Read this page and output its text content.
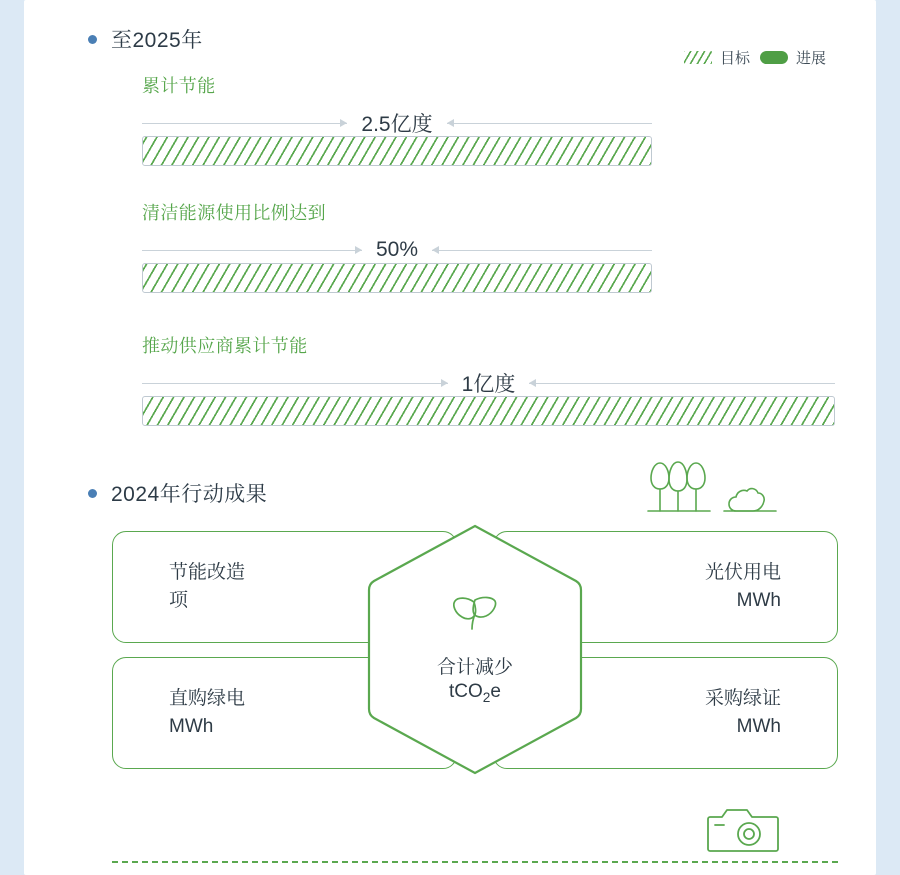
目标	进展
至2025年
累计节能
2.5亿度
清洁能源使用比例达到
50%
推动供应商累计节能
1亿度
2024年行动成果
节能改造
项
光伏用电
MWh
直购绿电
MWh
采购绿证
MWh
合计减少
tCO$_2$e
